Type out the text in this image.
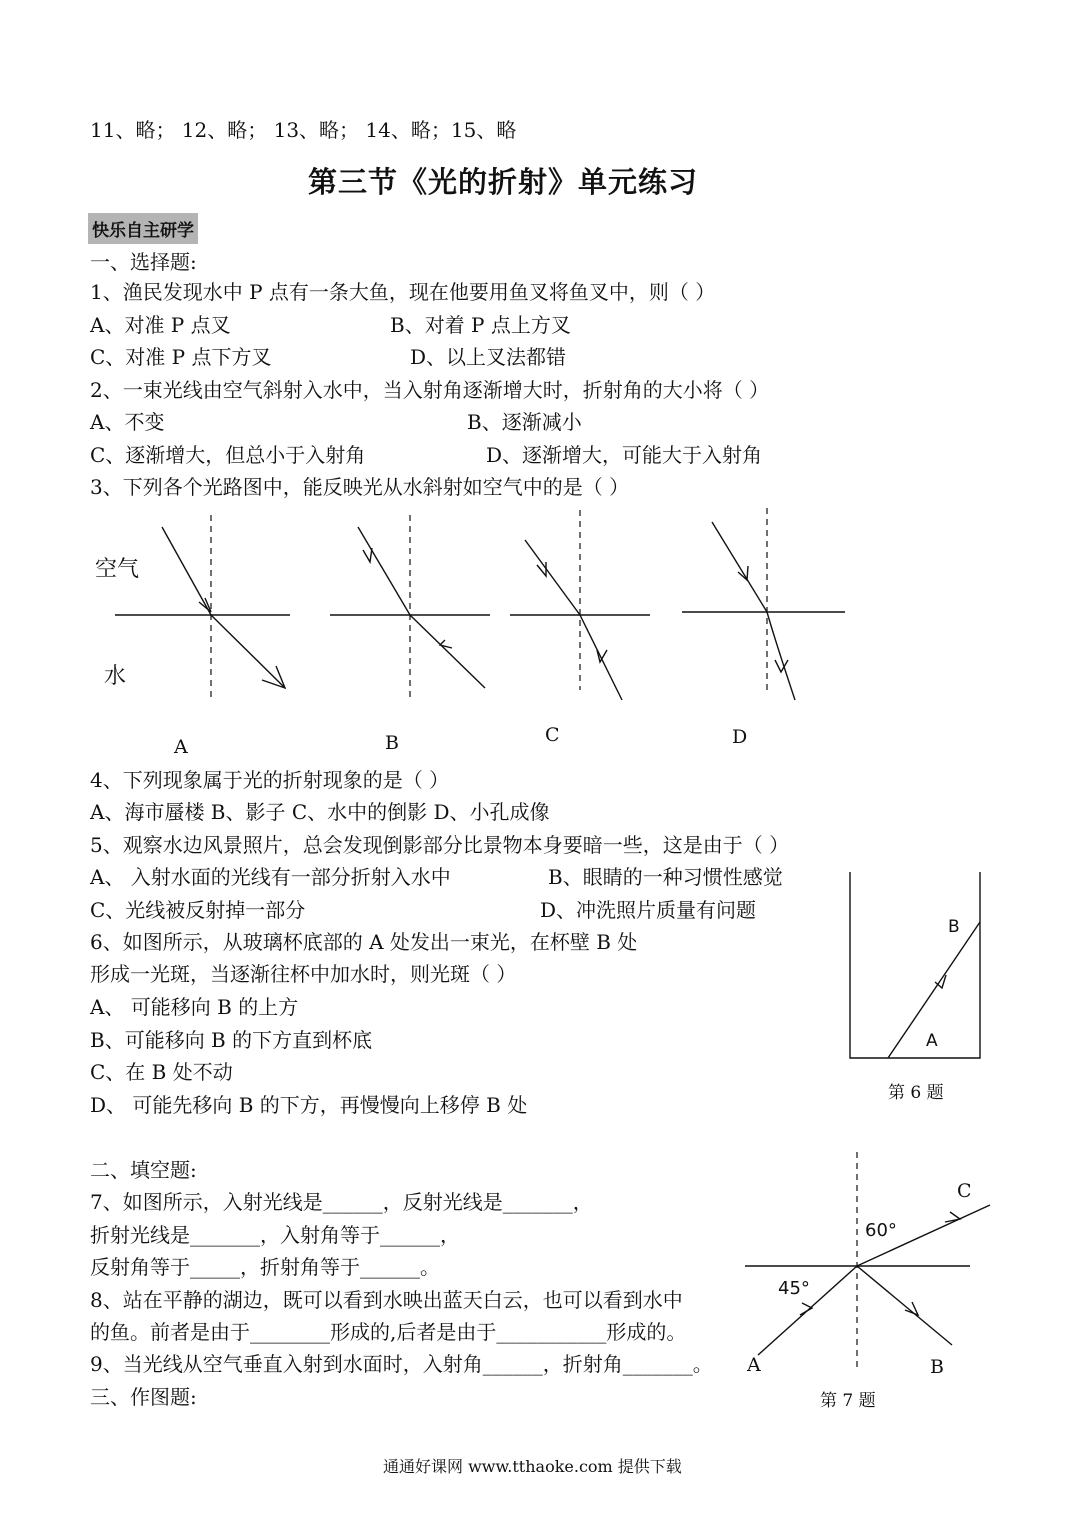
11、略； 12、略； 13、略； 14、略；15、略
第三节《光的折射》单元练习
快乐自主研学
一、选择题:
1、渔民发现水中 P 点有一条大鱼，现在他要用鱼叉将鱼叉中，则（ ）
A、对准 P 点叉	B、对着 P 点上方叉
C、对准 P 点下方叉	D、以上叉法都错
2、一束光线由空气斜射入水中，当入射角逐渐增大时，折射角的大小将（ ）
A、不变	B、逐渐减小
C、逐渐增大，但总小于入射角	D、逐渐增大，可能大于入射角
3、下列各个光路图中，能反映光从水斜射如空气中的是（ ）
B
A
空气
水
A	B	C	D
4、下列现象属于光的折射现象的是（ ）
A、海市蜃楼 B、影子 C、水中的倒影 D、小孔成像
5、观察水边风景照片，总会发现倒影部分比景物本身要暗一些，这是由于（ ）
A、 入射水面的光线有一部分折射入水中	B、眼睛的一种习惯性感觉
C、光线被反射掉一部分	D、冲洗照片质量有问题
6、如图所示，从玻璃杯底部的 A 处发出一束光，在杯壁 B 处
形成一光斑，当逐渐往杯中加水时，则光斑（ ）
A、 可能移向 B 的上方
B、可能移向 B 的下方直到杯底
C、在 B 处不动
D、 可能先移向 B 的下方，再慢慢向上移停 B 处	第 6 题
二、填空题:
7、如图所示，入射光线是______，反射光线是_______，
折射光线是_______，入射角等于______，
反射角等于_____，折射角等于______。
60°
45°
C
A	B
第 7 题
8、站在平静的湖边，既可以看到水映出蓝天白云，也可以看到水中
的鱼。前者是由于________形成的,后者是由于___________形成的。
9、当光线从空气垂直入射到水面时，入射角______，折射角_______。
三、作图题:
通通好课网 www.tthaoke.com 提供下载
